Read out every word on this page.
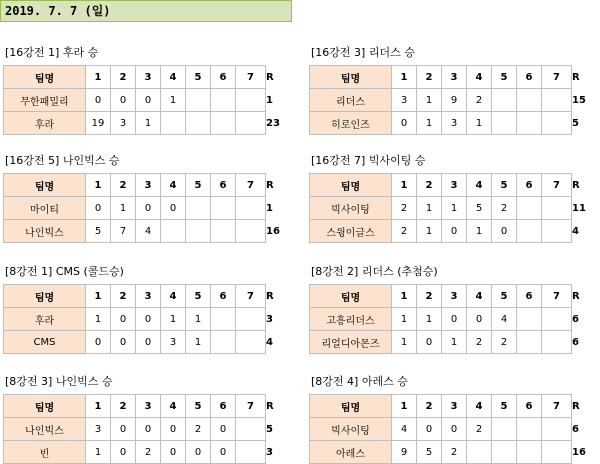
2019. 7. 7 (일)
[16강전 1] 후라 승
팀명	1	2	3	4	5	6	7	R
무한패밀리	0	0	0	1				1
후라	19	3	1					23
[16강전 3] 리더스 승
팀명	1	2	3	4	5	6	7	R
리더스	3	1	9	2				15
히로인즈	0	1	3	1				5
[16강전 5] 나인빅스 승
팀명	1	2	3	4	5	6	7	R
마이티	0	1	0	0				1
나인빅스	5	7	4					16
[16강전 7] 빅사이팅 승
팀명	1	2	3	4	5	6	7	R
빅사이팅	2	1	1	5	2			11
스윙이글스	2	1	0	1	0			4
[8강전 1] CMS (콜드승)
팀명	1	2	3	4	5	6	7	R
후라	1	0	0	1	1			3
CMS	0	0	0	3	1			4
[8강전 2] 리더스 (추첨승)
팀명	1	2	3	4	5	6	7	R
고흥리더스	1	1	0	0	4			6
리얼디아몬즈	1	0	1	2	2			6
[8강전 3] 나인빅스 승
팀명	1	2	3	4	5	6	7	R
나인빅스	3	0	0	0	2	0		5
빈	1	0	2	0	0	0		3
[8강전 4] 아레스 승
팀명	1	2	3	4	5	6	7	R
빅사이팅	4	0	0	2				6
아레스	9	5	2					16
